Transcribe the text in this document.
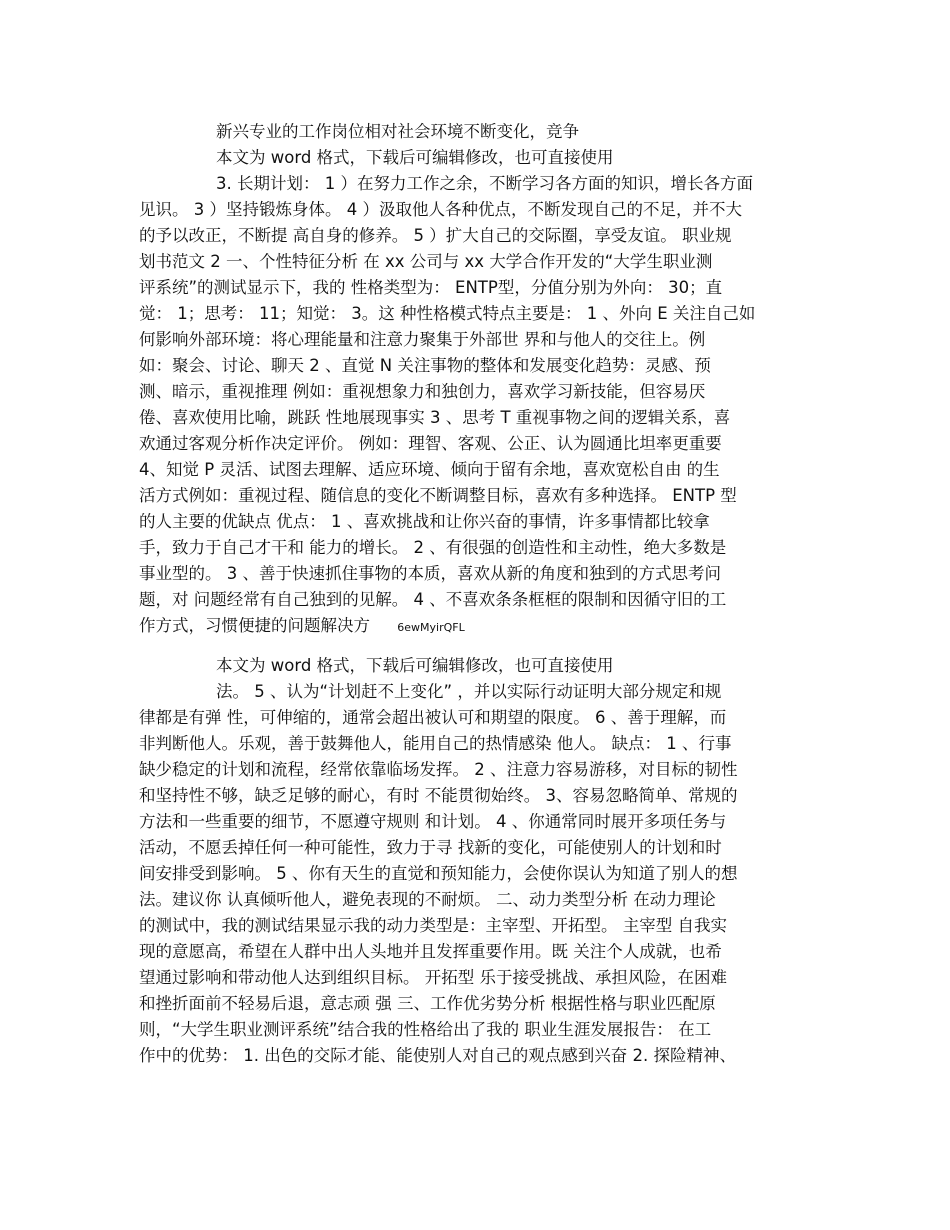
新兴专业的工作岗位相对社会环境不断变化，竞争
本文为 word 格式，下载后可编辑修改，也可直接使用
3. 长期计划： 1 ）在努力工作之余，不断学习各方面的知识，增长各方面
见识。 3 ）坚持锻炼身体。 4 ）汲取他人各种优点，不断发现自己的不足，并不大
的予以改正，不断提 高自身的修养。 5 ）扩大自己的交际圈，享受友谊。 职业规
划书范文 2 一、个性特征分析 在 xx 公司与 xx 大学合作开发的“大学生职业测
评系统”的测试显示下，我的 性格类型为： ENTP型，分值分别为外向： 30；直
觉： 1；思考： 11；知觉： 3。这 种性格模式特点主要是： 1 、外向 E 关注自己如
何影响外部环境：将心理能量和注意力聚集于外部世 界和与他人的交往上。例
如：聚会、讨论、聊天 2 、直觉 N 关注事物的整体和发展变化趋势：灵感、预
测、暗示，重视推理 例如：重视想象力和独创力，喜欢学习新技能，但容易厌
倦、喜欢使用比喻，跳跃 性地展现事实 3 、思考 T 重视事物之间的逻辑关系，喜
欢通过客观分析作决定评价。 例如：理智、客观、公正、认为圆通比坦率更重要
4、知觉 P 灵活、试图去理解、适应环境、倾向于留有余地，喜欢宽松自由 的生
活方式例如：重视过程、随信息的变化不断调整目标，喜欢有多种选择。 ENTP 型
的人主要的优缺点 优点： 1 、喜欢挑战和让你兴奋的事情，许多事情都比较拿
手，致力于自己才干和 能力的增长。 2 、有很强的创造性和主动性，绝大多数是
事业型的。 3 、善于快速抓住事物的本质，喜欢从新的角度和独到的方式思考问
题，对 问题经常有自己独到的见解。 4 、不喜欢条条框框的限制和因循守旧的工
作方式，习惯便捷的问题解决方 6ewMyirQFL
本文为 word 格式，下载后可编辑修改，也可直接使用
法。 5 、认为“计划赶不上变化” ，并以实际行动证明大部分规定和规
律都是有弹 性，可伸缩的，通常会超出被认可和期望的限度。 6 、善于理解，而
非判断他人。乐观，善于鼓舞他人，能用自己的热情感染 他人。 缺点： 1 、行事
缺少稳定的计划和流程，经常依靠临场发挥。 2 、注意力容易游移，对目标的韧性
和坚持性不够，缺乏足够的耐心，有时 不能贯彻始终。 3、容易忽略简单、常规的
方法和一些重要的细节，不愿遵守规则 和计划。 4 、你通常同时展开多项任务与
活动，不愿丢掉任何一种可能性，致力于寻 找新的变化，可能使别人的计划和时
间安排受到影响。 5 、你有天生的直觉和预知能力，会使你误认为知道了别人的想
法。建议你 认真倾听他人，避免表现的不耐烦。 二、动力类型分析 在动力理论
的测试中，我的测试结果显示我的动力类型是：主宰型、开拓型。 主宰型 自我实
现的意愿高，希望在人群中出人头地并且发挥重要作用。既 关注个人成就，也希
望通过影响和带动他人达到组织目标。 开拓型 乐于接受挑战、承担风险，在困难
和挫折面前不轻易后退，意志顽 强 三、工作优劣势分析 根据性格与职业匹配原
则，“大学生职业测评系统”结合我的性格给出了我的 职业生涯发展报告： 在工
作中的优势： 1. 出色的交际才能、能使别人对自己的观点感到兴奋 2. 探险精神、
